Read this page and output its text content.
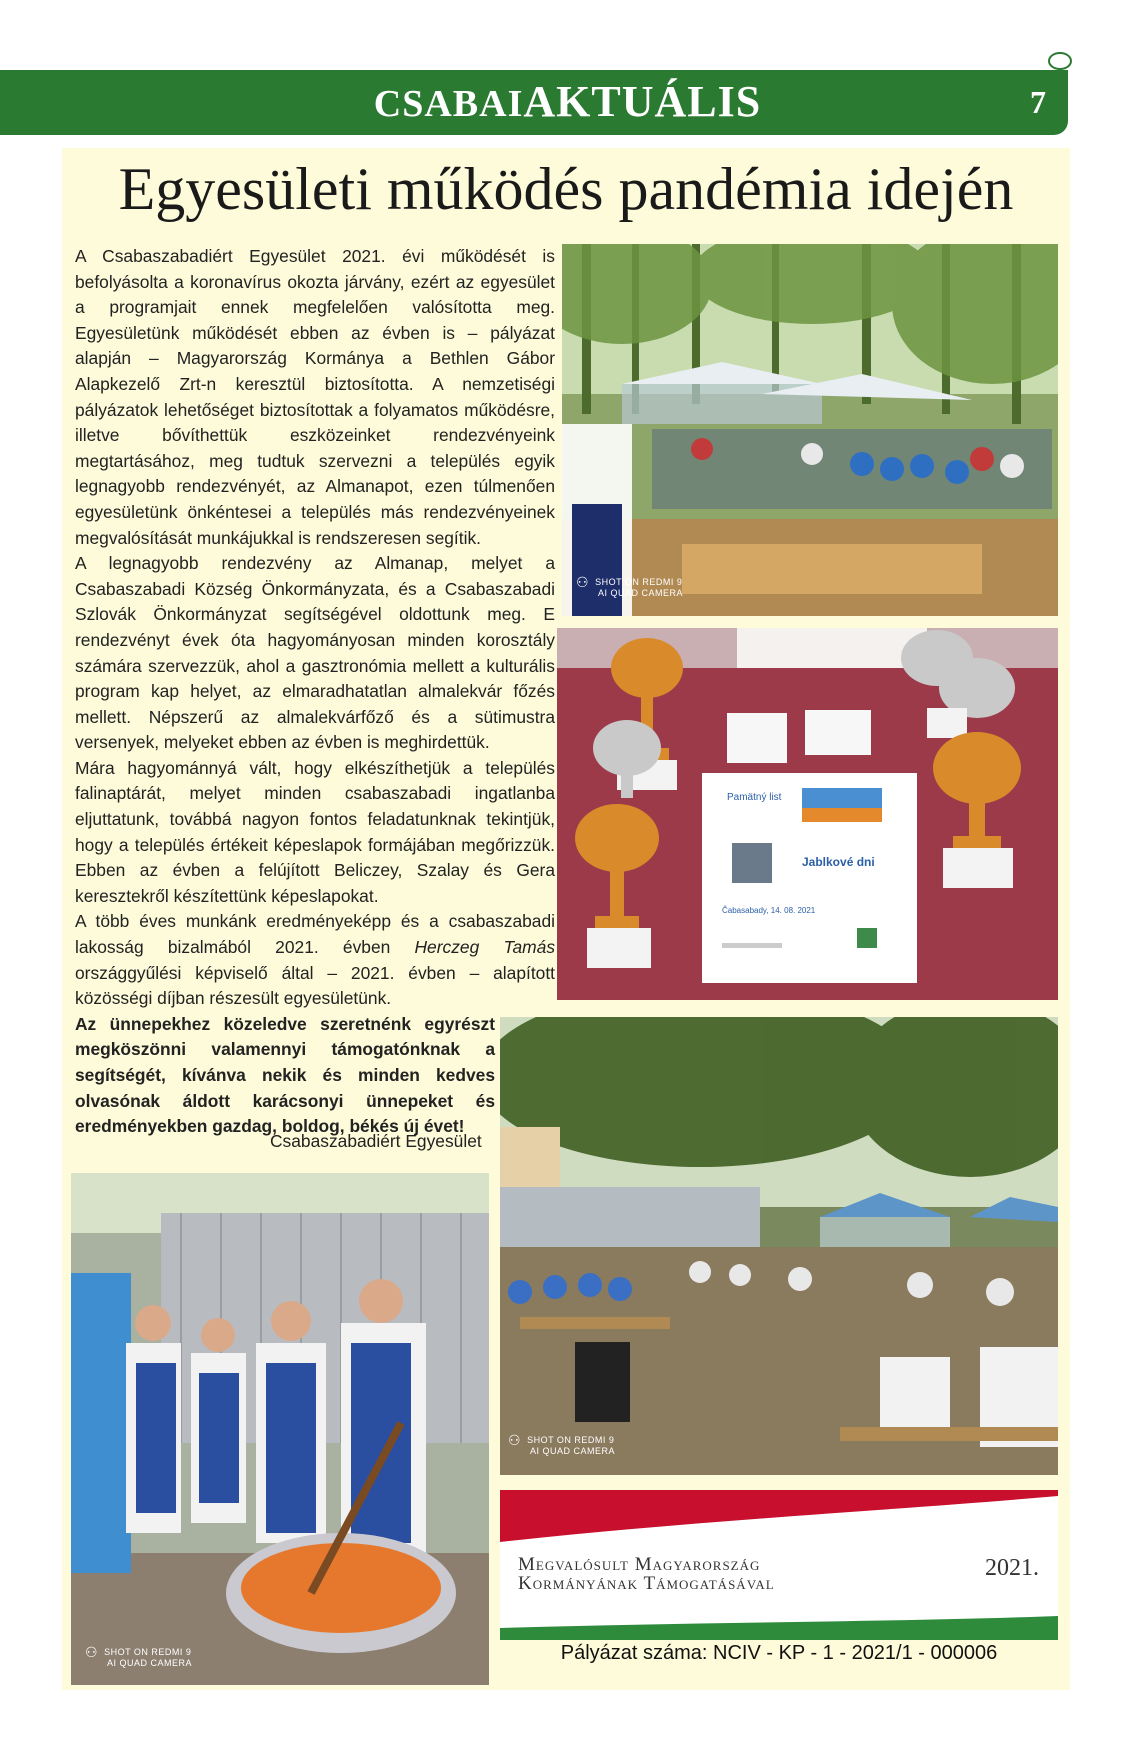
CSABAIAKTUÁLIS	7
Egyesületi működés pandémia idején

A Csabaszabadiért Egyesület 2021. évi működését is befolyásolta a koronavírus okozta járvány, ezért az egyesület a programjait ennek megfelelően valósította meg. Egyesületünk működését ebben az évben is – pályázat alapján – Magyarország Kormánya a Bethlen Gábor Alapkezelő Zrt-n keresztül biztosította. A nemzetiségi pályázatok lehetőséget biztosítottak a folyamatos működésre, illetve bővíthettük eszközeinket rendezvényeink megtartásához, meg tudtuk szervezni a település egyik legnagyobb rendezvényét, az Almanapot, ezen túlmenően egyesületünk önkéntesei a település más rendezvényeinek megvalósítását munkájukkal is rendszeresen segítik.

A legnagyobb rendezvény az Almanap, melyet a Csabaszabadi Község Önkormányzata, és a Csabaszabadi Szlovák Önkormányzat segítségével oldottunk meg. E rendezvényt évek óta hagyományosan minden korosztály számára szervezzük, ahol a gasztronómia mellett a kulturális program kap helyet, az elmaradhatatlan almalekvár főzés mellett. Népszerű az almalekvárfőző és a sütimustra versenyek, melyeket ebben az évben is meghirdettük.

Mára hagyománnyá vált, hogy elkészíthetjük a település falinaptárát, melyet minden csabaszabadi ingatlanba eljuttatunk, továbbá nagyon fontos feladatunknak tekintjük, hogy a település értékeit képeslapok formájában megőrizzük. Ebben az évben a felújított Beliczey, Szalay és Gera keresztekről készítettünk képeslapokat.

A több éves munkánk eredményeképp és a csabaszabadi lakosság bizalmából 2021. évben Herczeg Tamás országgyűlési képviselő által – 2021. évben – alapított közösségi díjban részesült egyesületünk.

Az ünnepekhez közeledve szeretnénk egyrészt megköszönni valamennyi támogatónknak a segítségét, kívánva nekik és minden kedves olvasónak áldott karácsonyi ünnepeket és eredményekben gazdag, boldog, békés új évet!

Csabaszabadiért Egyesület
⚇ SHOT ON REDMI 9
AI QUAD CAMERA
Pamätný list
Jablkové dni
Čabasabady, 14. 08. 2021
⚇ SHOT ON REDMI 9
AI QUAD CAMERA
⚇ SHOT ON REDMI 9
AI QUAD CAMERA
Megvalósult Magyarország
Kormányának Támogatásával
2021.
Pályázat száma: NCIV - KP - 1 - 2021/1 - 000006
